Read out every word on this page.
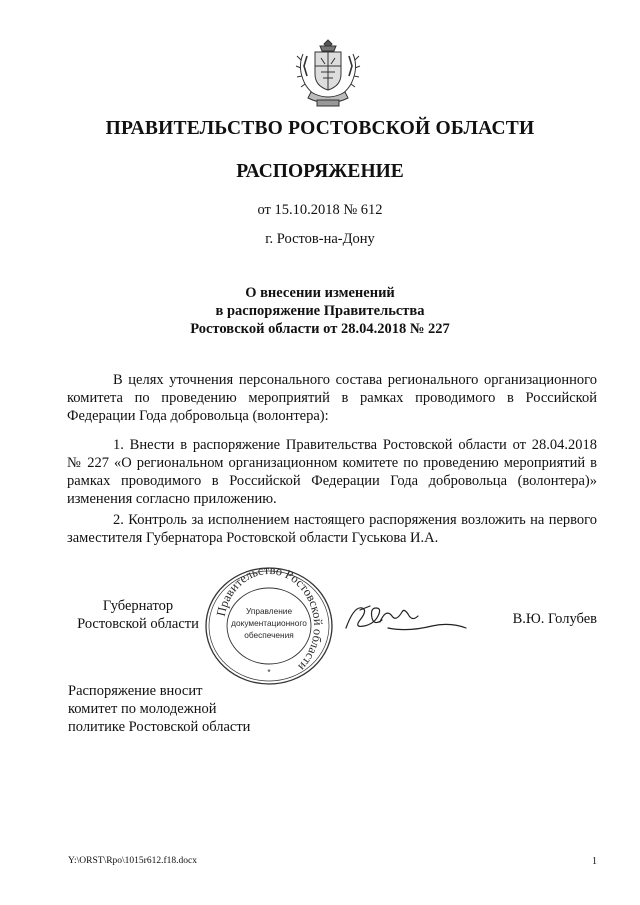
ПРАВИТЕЛЬСТВО РОСТОВСКОЙ ОБЛАСТИ
РАСПОРЯЖЕНИЕ
от 15.10.2018 № 612
г. Ростов-на-Дону
О внесении изменений
в распоряжение Правительства
Ростовской области от 28.04.2018 № 227
В целях уточнения персонального состава регионального организационного комитета по проведению мероприятий в рамках проводимого в Российской Федерации Года добровольца (волонтера):
1. Внести в распоряжение Правительства Ростовской области от 28.04.2018 № 227 «О региональном организационном комитете по проведению мероприятий в рамках проводимого в Российской Федерации Года добровольца (волонтера)» изменения согласно приложению.
2. Контроль за исполнением настоящего распоряжения возложить на первого заместителя Губернатора Ростовской области Гуськова И.А.
Губернатор
Ростовской области
Правительство Ростовской области
Управление
документационного
обеспечения
*
В.Ю. Голубев
Распоряжение вносит
комитет по молодежной
политике Ростовской области
Y:\ORST\Rpo\1015r612.f18.docx	1
